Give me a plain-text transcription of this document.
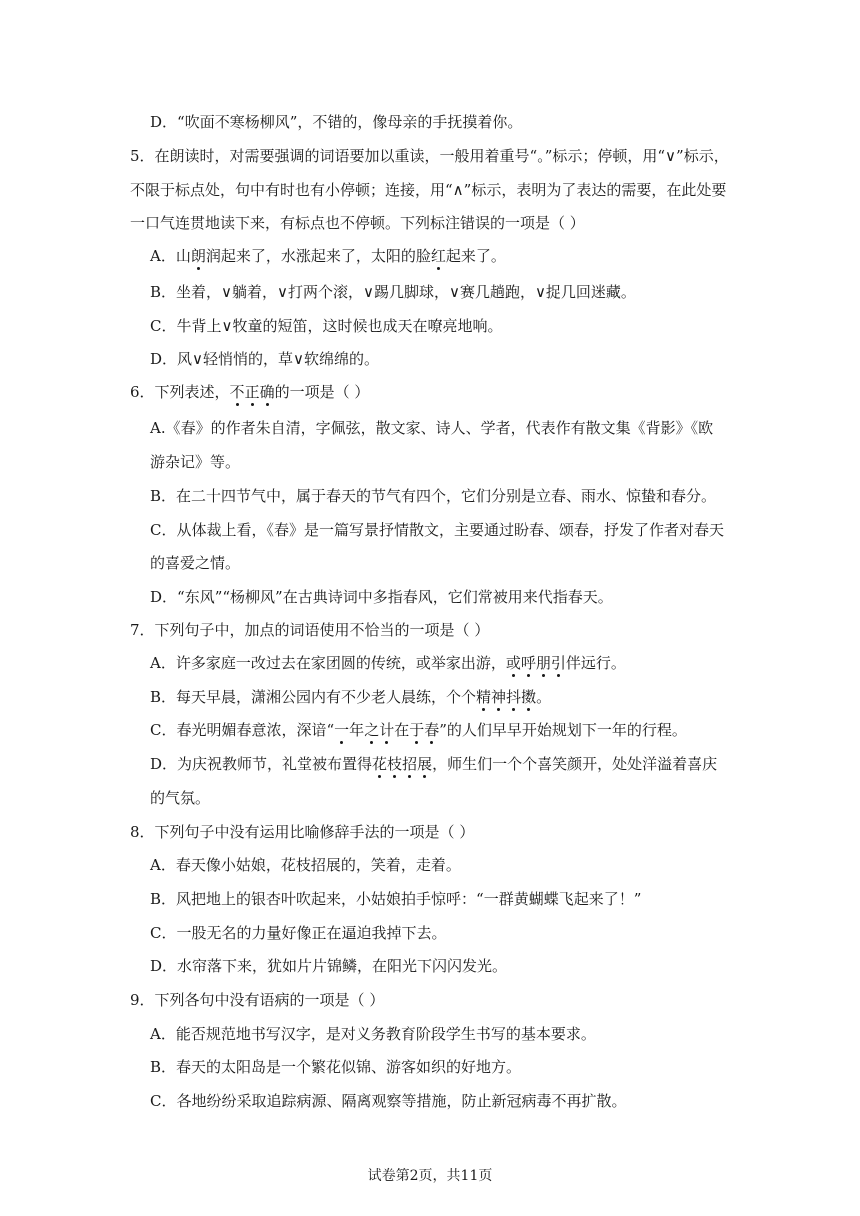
D．“吹面不寒杨柳风”，不错的，像母亲的手抚摸着你。
5．在朗读时，对需要强调的词语要加以重读，一般用着重号“。”标示；停顿，用“∨”标示，
不限于标点处，句中有时也有小停顿；连接，用“∧”标示，表明为了表达的需要，在此处要
一口气连贯地读下来，有标点也不停顿。下列标注错误的一项是（ ）
A．山朗润起来了，水涨起来了，太阳的脸红起来了。
B．坐着，∨躺着，∨打两个滚，∨踢几脚球，∨赛几趟跑，∨捉几回迷藏。
C．牛背上∨牧童的短笛，这时候也成天在嘹亮地响。
D．风∨轻悄悄的，草∨软绵绵的。
6．下列表述，不正确的一项是（ ）
A.《春》的作者朱自清，字佩弦，散文家、诗人、学者，代表作有散文集《背影》《欧
游杂记》等。
B．在二十四节气中，属于春天的节气有四个，它们分别是立春、雨水、惊蛰和春分。
C．从体裁上看，《春》是一篇写景抒情散文，主要通过盼春、颂春，抒发了作者对春天
的喜爱之情。
D．“东风”“杨柳风”在古典诗词中多指春风，它们常被用来代指春天。
7．下列句子中，加点的词语使用不恰当的一项是（ ）
A．许多家庭一改过去在家团圆的传统，或举家出游，或呼朋引伴远行。
B．每天早晨，潇湘公园内有不少老人晨练，个个精神抖擞。
C．春光明媚春意浓，深谙“一年之计在于春”的人们早早开始规划下一年的行程。
D．为庆祝教师节，礼堂被布置得花枝招展，师生们一个个喜笑颜开，处处洋溢着喜庆
的气氛。
8．下列句子中没有运用比喻修辞手法的一项是（ ）
A．春天像小姑娘，花枝招展的，笑着，走着。
B．风把地上的银杏叶吹起来，小姑娘拍手惊呼：“一群黄蝴蝶飞起来了！”
C．一股无名的力量好像正在逼迫我掉下去。
D．水帘落下来，犹如片片锦鳞，在阳光下闪闪发光。
9．下列各句中没有语病的一项是（ ）
A．能否规范地书写汉字，是对义务教育阶段学生书写的基本要求。
B．春天的太阳岛是一个繁花似锦、游客如织的好地方。
C．各地纷纷采取追踪病源、隔离观察等措施，防止新冠病毒不再扩散。
试卷第2页，共11页
